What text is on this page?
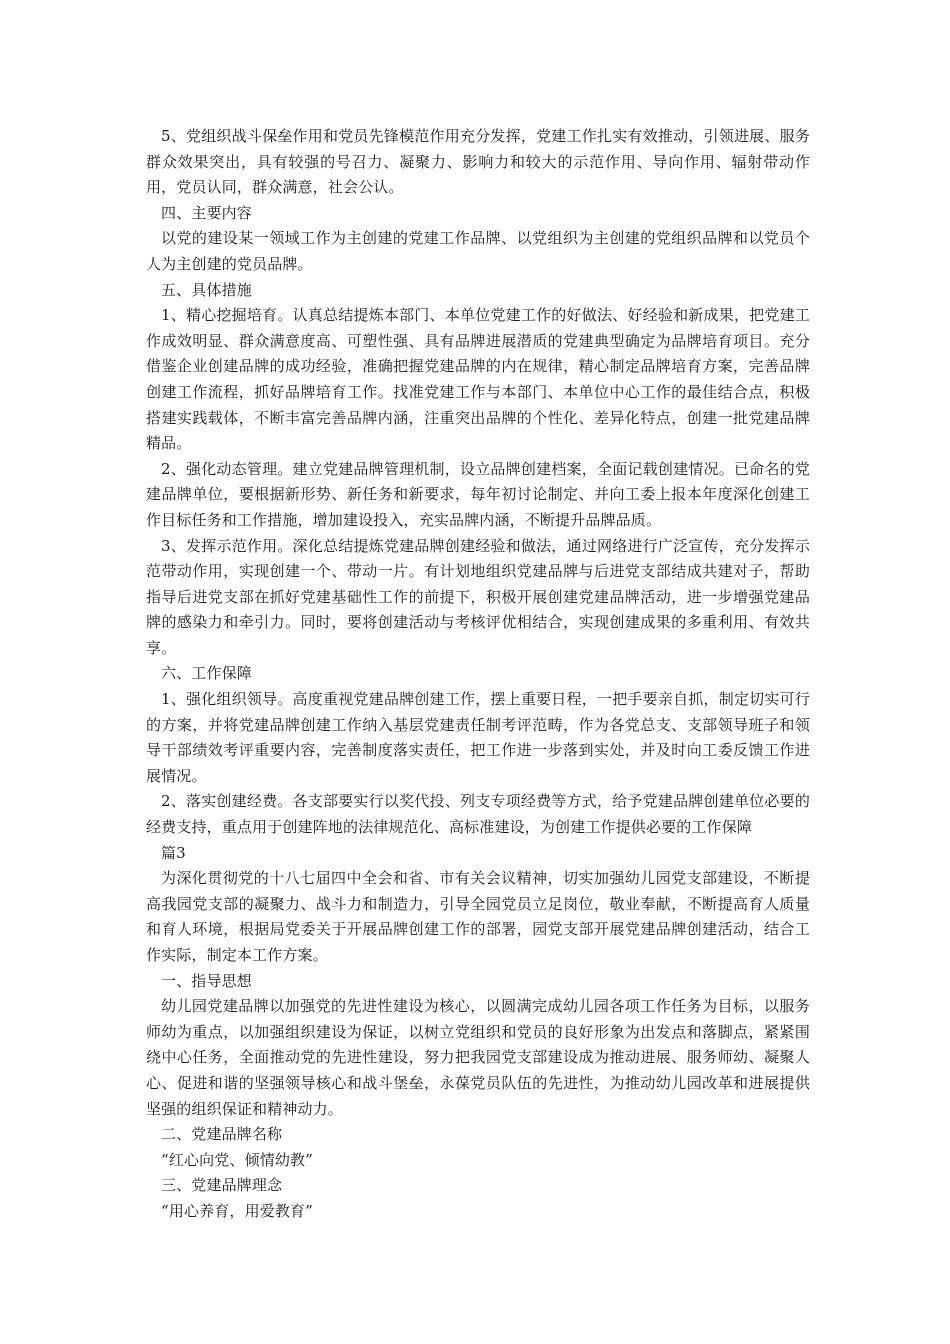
5、党组织战斗保垒作用和党员先锋模范作用充分发挥，党建工作扎实有效推动，引领进展、服务群众效果突出，具有较强的号召力、凝聚力、影响力和较大的示范作用、导向作用、辐射带动作用，党员认同，群众满意，社会公认。

四、主要内容

以党的建设某一领域工作为主创建的党建工作品牌、以党组织为主创建的党组织品牌和以党员个人为主创建的党员品牌。

五、具体措施

1、精心挖掘培育。认真总结提炼本部门、本单位党建工作的好做法、好经验和新成果，把党建工作成效明显、群众满意度高、可塑性强、具有品牌进展潜质的党建典型确定为品牌培育项目。充分借鉴企业创建品牌的成功经验，准确把握党建品牌的内在规律，精心制定品牌培育方案，完善品牌创建工作流程，抓好品牌培育工作。找准党建工作与本部门、本单位中心工作的最佳结合点，积极搭建实践载体，不断丰富完善品牌内涵，注重突出品牌的个性化、差异化特点，创建一批党建品牌精品。

2、强化动态管理。建立党建品牌管理机制，设立品牌创建档案，全面记载创建情况。已命名的党建品牌单位，要根据新形势、新任务和新要求，每年初讨论制定、并向工委上报本年度深化创建工作目标任务和工作措施，增加建设投入，充实品牌内涵，不断提升品牌品质。

3、发挥示范作用。深化总结提炼党建品牌创建经验和做法，通过网络进行广泛宣传，充分发挥示范带动作用，实现创建一个、带动一片。有计划地组织党建品牌与后进党支部结成共建对子，帮助指导后进党支部在抓好党建基础性工作的前提下，积极开展创建党建品牌活动，进一步增强党建品牌的感染力和牵引力。同时，要将创建活动与考核评优相结合，实现创建成果的多重利用、有效共享。

六、工作保障

1、强化组织领导。高度重视党建品牌创建工作，摆上重要日程，一把手要亲自抓，制定切实可行的方案，并将党建品牌创建工作纳入基层党建责任制考评范畴，作为各党总支、支部领导班子和领导干部绩效考评重要内容，完善制度落实责任，把工作进一步落到实处，并及时向工委反馈工作进展情况。

2、落实创建经费。各支部要实行以奖代投、列支专项经费等方式，给予党建品牌创建单位必要的经费支持，重点用于创建阵地的法律规范化、高标准建设，为创建工作提供必要的工作保障

篇3

为深化贯彻党的十八七届四中全会和省、市有关会议精神，切实加强幼儿园党支部建设，不断提高我园党支部的凝聚力、战斗力和制造力，引导全园党员立足岗位，敬业奉献，不断提高育人质量和育人环境，根据局党委关于开展品牌创建工作的部署，园党支部开展党建品牌创建活动，结合工作实际，制定本工作方案。

一、指导思想

幼儿园党建品牌以加强党的先进性建设为核心，以圆满完成幼儿园各项工作任务为目标，以服务师幼为重点，以加强组织建设为保证，以树立党组织和党员的良好形象为出发点和落脚点，紧紧围绕中心任务，全面推动党的先进性建设，努力把我园党支部建设成为推动进展、服务师幼、凝聚人心、促进和谐的坚强领导核心和战斗堡垒，永葆党员队伍的先进性，为推动幼儿园改革和进展提供坚强的组织保证和精神动力。

二、党建品牌名称

“红心向党、倾情幼教”

三、党建品牌理念

“用心养育，用爱教育”
